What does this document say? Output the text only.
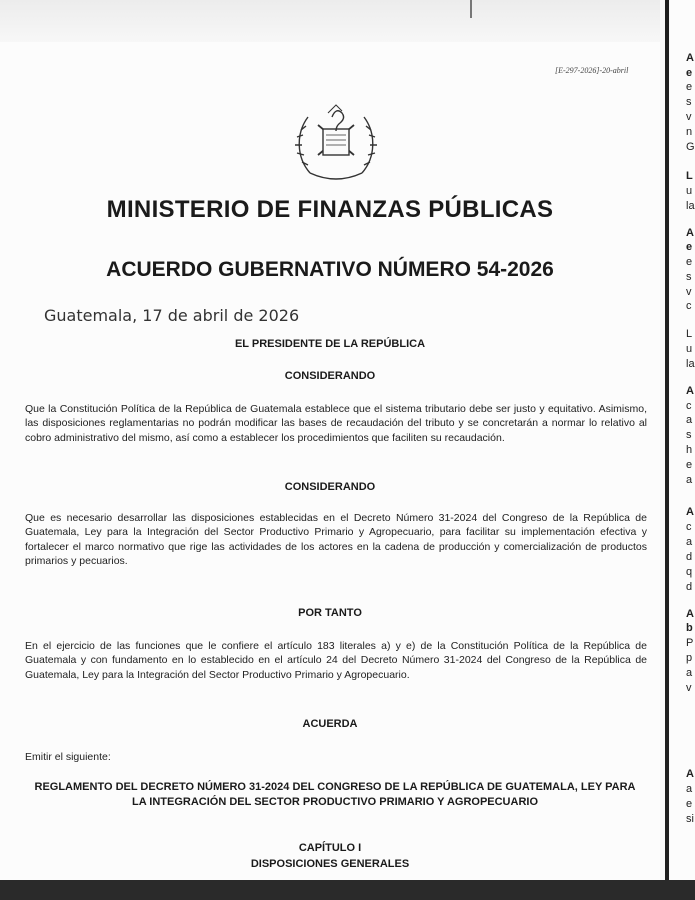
A
e
e
s
v
n
G
L
u
la
A
e
e
s
v
c
L
u
la
A
c
a
s
h
e
a
A
c
a
d
q
d
A
b
P
p
a
v
A
a
e
si
[E-297-2026]-20-abril
MINISTERIO DE FINANZAS PÚBLICAS
ACUERDO GUBERNATIVO NÚMERO 54-2026
Guatemala, 17 de abril de 2026
EL PRESIDENTE DE LA REPÚBLICA
CONSIDERANDO
Que la Constitución Política de la República de Guatemala establece que el sistema tributario debe ser justo y equitativo. Asimismo, las disposiciones reglamentarias no podrán modificar las bases de recaudación del tributo y se concretarán a normar lo relativo al cobro administrativo del mismo, así como a establecer los procedimientos que faciliten su recaudación.
CONSIDERANDO
Que es necesario desarrollar las disposiciones establecidas en el Decreto Número 31-2024 del Congreso de la República de Guatemala, Ley para la Integración del Sector Productivo Primario y Agropecuario, para facilitar su implementación efectiva y fortalecer el marco normativo que rige las actividades de los actores en la cadena de producción y comercialización de productos primarios y pecuarios.
POR TANTO
En el ejercicio de las funciones que le confiere el artículo 183 literales a) y e) de la Constitución Política de la República de Guatemala y con fundamento en lo establecido en el artículo 24 del Decreto Número 31-2024 del Congreso de la República de Guatemala, Ley para la Integración del Sector Productivo Primario y Agropecuario.
ACUERDA
Emitir el siguiente:
REGLAMENTO DEL DECRETO NÚMERO 31-2024 DEL CONGRESO DE LA REPÚBLICA DE GUATEMALA, LEY PARA LA INTEGRACIÓN DEL SECTOR PRODUCTIVO PRIMARIO Y AGROPECUARIO
CAPÍTULO I
DISPOSICIONES GENERALES
